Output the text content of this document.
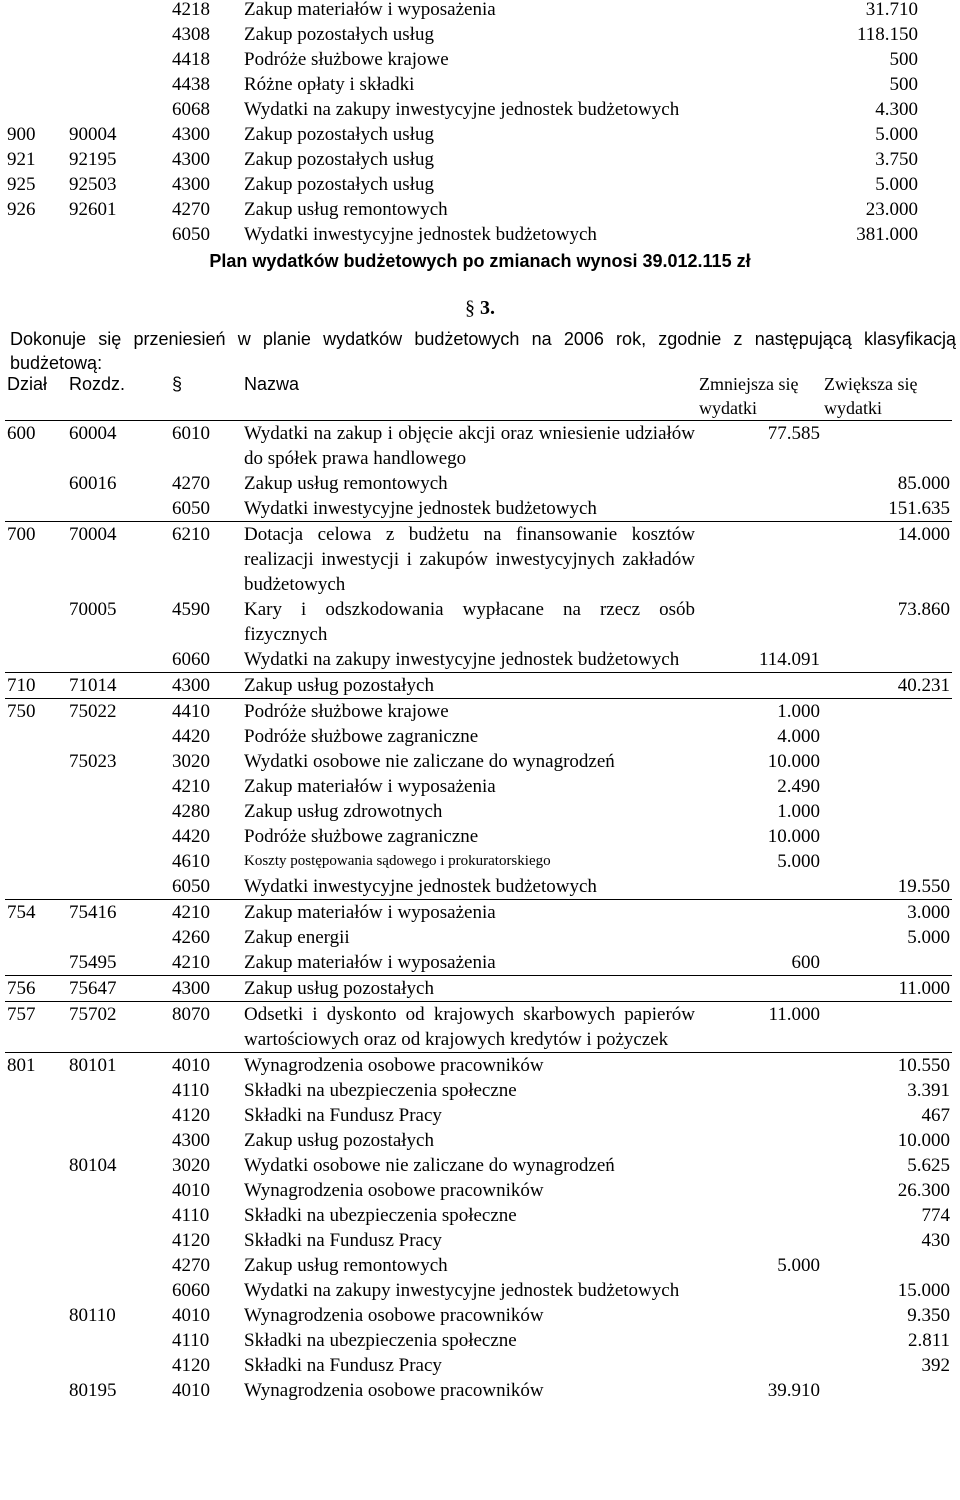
		4218	Zakup materiałów i wyposażenia	31.710
		4308	Zakup pozostałych usług	118.150
		4418	Podróże służbowe krajowe	500
		4438	Różne opłaty i składki	500
		6068	Wydatki na zakupy inwestycyjne jednostek budżetowych	4.300
900	90004	4300	Zakup pozostałych usług	5.000
921	92195	4300	Zakup pozostałych usług	3.750
925	92503	4300	Zakup pozostałych usług	5.000
926	92601	4270	Zakup usług remontowych	23.000
		6050	Wydatki inwestycyjne jednostek budżetowych	381.000
Plan wydatków budżetowych po zmianach wynosi 39.012.115 zł
§ 3.
Dokonuje się przeniesień w planie wydatków budżetowych na 2006 rok, zgodnie z następującą klasyfikacją budżetową:
Dział	Rozdz.	§	Nazwa	Zmniejsza się wydatki	Zwiększa się wydatki
600	60004	6010	Wydatki na zakup i objęcie akcji oraz wniesienie udziałów do spółek prawa handlowego	77.585	
	60016	4270	Zakup usług remontowych		85.000
		6050	Wydatki inwestycyjne jednostek budżetowych		151.635
700	70004	6210	Dotacja celowa z budżetu na finansowanie kosztów realizacji inwestycji i zakupów inwestycyjnych zakładów budżetowych		14.000
	70005	4590	Kary i odszkodowania wypłacane na rzecz osób fizycznych		73.860
		6060	Wydatki na zakupy inwestycyjne jednostek budżetowych	114.091	
710	71014	4300	Zakup usług pozostałych		40.231
750	75022	4410	Podróże służbowe krajowe	1.000	
		4420	Podróże służbowe zagraniczne	4.000	
	75023	3020	Wydatki osobowe nie zaliczane do wynagrodzeń	10.000	
		4210	Zakup materiałów i wyposażenia	2.490	
		4280	Zakup usług zdrowotnych	1.000	
		4420	Podróże służbowe zagraniczne	10.000	
		4610	Koszty postępowania sądowego i prokuratorskiego	5.000	
		6050	Wydatki inwestycyjne jednostek budżetowych		19.550
754	75416	4210	Zakup materiałów i wyposażenia		3.000
		4260	Zakup energii		5.000
	75495	4210	Zakup materiałów i wyposażenia	600	
756	75647	4300	Zakup usług pozostałych		11.000
757	75702	8070	Odsetki i dyskonto od krajowych skarbowych papierów wartościowych oraz od krajowych kredytów i pożyczek	11.000	
801	80101	4010	Wynagrodzenia osobowe pracowników		10.550
		4110	Składki na ubezpieczenia społeczne		3.391
		4120	Składki na Fundusz Pracy		467
		4300	Zakup usług pozostałych		10.000
	80104	3020	Wydatki osobowe nie zaliczane do wynagrodzeń		5.625
		4010	Wynagrodzenia osobowe pracowników		26.300
		4110	Składki na ubezpieczenia społeczne		774
		4120	Składki na Fundusz Pracy		430
		4270	Zakup usług remontowych	5.000	
		6060	Wydatki na zakupy inwestycyjne jednostek budżetowych		15.000
	80110	4010	Wynagrodzenia osobowe pracowników		9.350
		4110	Składki na ubezpieczenia społeczne		2.811
		4120	Składki na Fundusz Pracy		392
	80195	4010	Wynagrodzenia osobowe pracowników	39.910	
